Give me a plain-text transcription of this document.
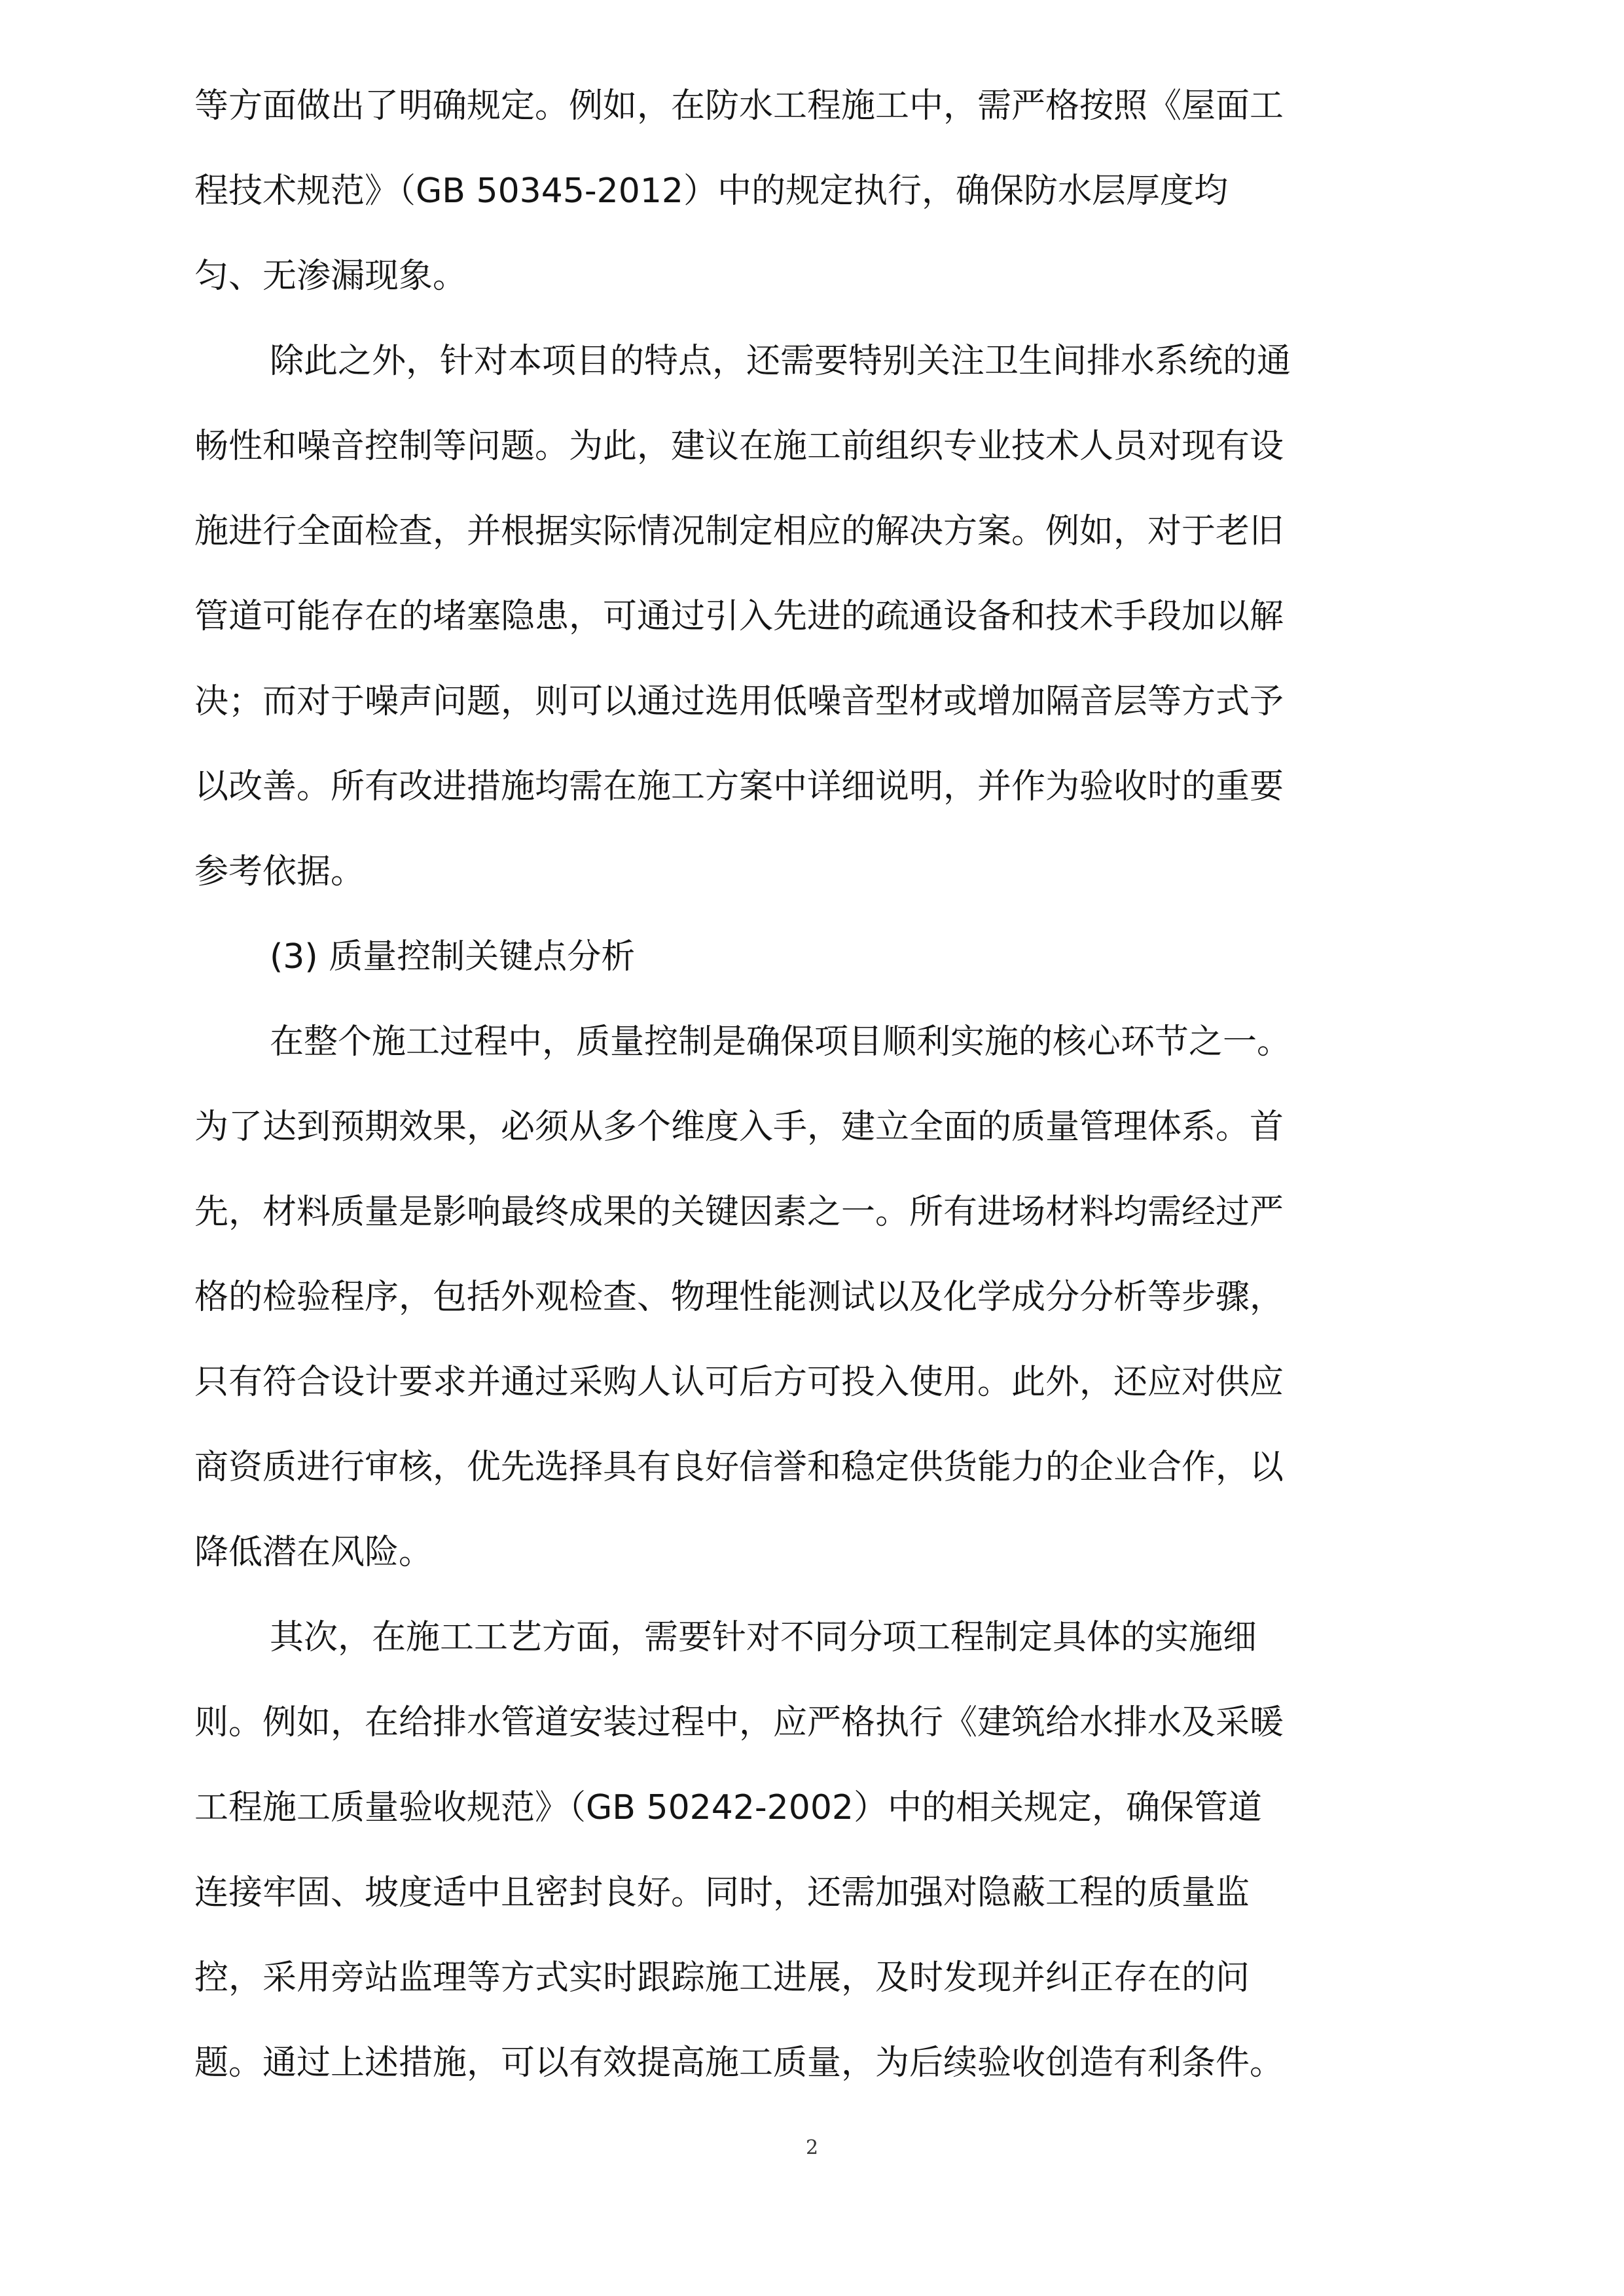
等方面做出了明确规定。例如，在防水工程施工中，需严格按照《屋面工

程技术规范》（GB 50345-2012）中的规定执行，确保防水层厚度均

匀、无渗漏现象。

除此之外，针对本项目的特点，还需要特别关注卫生间排水系统的通

畅性和噪音控制等问题。为此，建议在施工前组织专业技术人员对现有设

施进行全面检查，并根据实际情况制定相应的解决方案。例如，对于老旧

管道可能存在的堵塞隐患，可通过引入先进的疏通设备和技术手段加以解

决；而对于噪声问题，则可以通过选用低噪音型材或增加隔音层等方式予

以改善。所有改进措施均需在施工方案中详细说明，并作为验收时的重要

参考依据。

(3) 质量控制关键点分析

在整个施工过程中，质量控制是确保项目顺利实施的核心环节之一。

为了达到预期效果，必须从多个维度入手，建立全面的质量管理体系。首

先，材料质量是影响最终成果的关键因素之一。所有进场材料均需经过严

格的检验程序，包括外观检查、物理性能测试以及化学成分分析等步骤，

只有符合设计要求并通过采购人认可后方可投入使用。此外，还应对供应

商资质进行审核，优先选择具有良好信誉和稳定供货能力的企业合作，以

降低潜在风险。

其次，在施工工艺方面，需要针对不同分项工程制定具体的实施细

则。例如，在给排水管道安装过程中，应严格执行《建筑给水排水及采暖

工程施工质量验收规范》（GB 50242-2002）中的相关规定，确保管道

连接牢固、坡度适中且密封良好。同时，还需加强对隐蔽工程的质量监

控，采用旁站监理等方式实时跟踪施工进展，及时发现并纠正存在的问

题。通过上述措施，可以有效提高施工质量，为后续验收创造有利条件。

2
